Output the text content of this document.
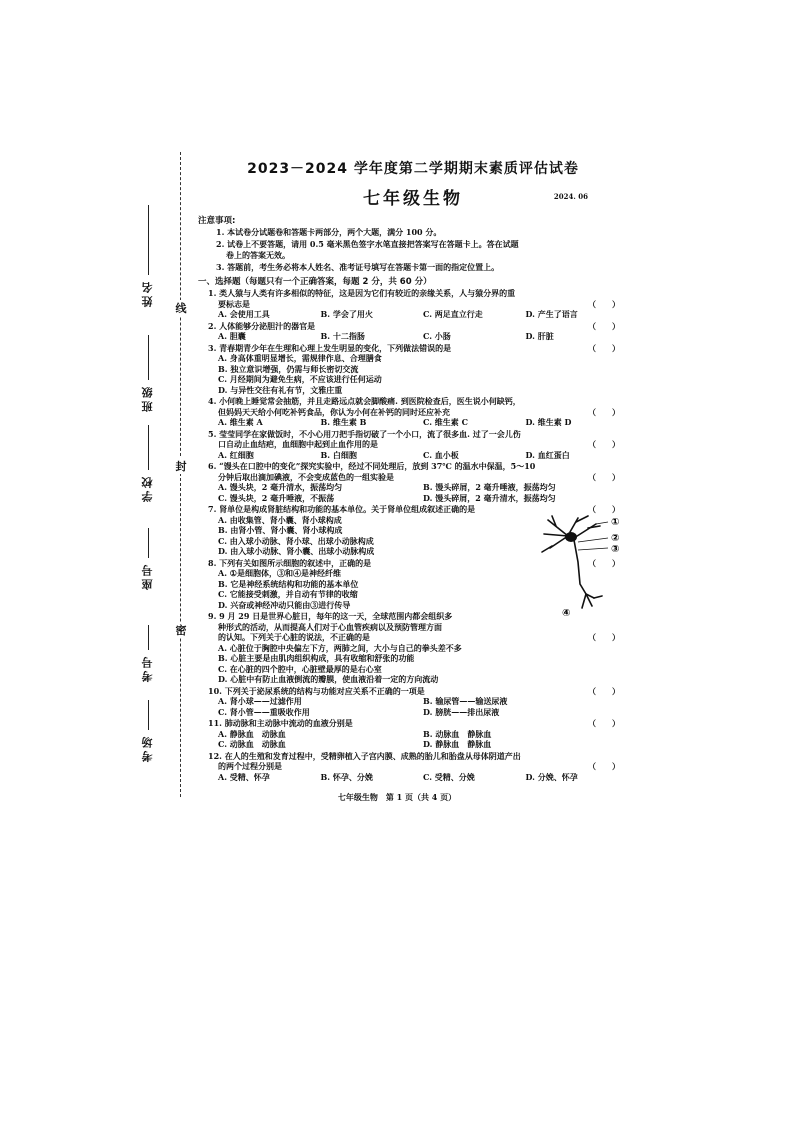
线
封
密
姓名
班级
学校
座号
考号
考场
2023－2024 学年度第二学期期末素质评估试卷
七年级生物	2024. 06
注意事项:
1. 本试卷分试题卷和答题卡两部分，两个大题，满分 100 分。
2. 试卷上不要答题，请用 0.5 毫米黑色签字水笔直接把答案写在答题卡上。答在试题
卷上的答案无效。
3. 答题前，考生务必将本人姓名、准考证号填写在答题卡第一面的指定位置上。
一、选择题（每题只有一个正确答案，每题 2 分，共 60 分）
1. 类人猿与人类有许多相似的特征，这是因为它们有较近的亲缘关系，人与猿分界的重
要标志是	（　　）
A. 会使用工具	B. 学会了用火	C. 两足直立行走	D. 产生了语言
2. 人体能够分泌胆汁的器官是	（　　）
A. 胆囊	B. 十二指肠	C. 小肠	D. 肝脏
3. 青春期青少年在生理和心理上发生明显的变化，下列做法错误的是	（　　）
A. 身高体重明显增长，需规律作息、合理膳食
B. 独立意识增强，仍需与师长密切交流
C. 月经期间为避免生病，不应该进行任何运动
D. 与异性交往有礼有节，文雅庄重
4. 小何晚上睡觉常会抽筋，并且走路远点就会脚酸痛. 到医院检查后，医生说小何缺钙，
但妈妈天天给小何吃补钙食品，你认为小何在补钙的同时还应补充	（　　）
A. 维生素 A	B. 维生素 B	C. 维生素 C	D. 维生素 D
5. 莹莹同学在家做饭时，不小心用刀把手指切破了一个小口，流了很多血. 过了一会儿伤
口自动止血结疤，血细胞中起到止血作用的是	（　　）
A. 红细胞	B. 白细胞	C. 血小板	D. 血红蛋白
6. “馒头在口腔中的变化”探究实验中，经过不同处理后，放到 37℃ 的温水中保温，5～10
分钟后取出滴加碘液，不会变成蓝色的一组实验是	（　　）
A. 馒头块，2 毫升清水，振荡均匀	B. 馒头碎屑，2 毫升唾液，振荡均匀
C. 馒头块，2 毫升唾液，不振荡	D. 馒头碎屑，2 毫升清水，振荡均匀
7. 肾单位是构成肾脏结构和功能的基本单位。关于肾单位组成叙述正确的是	（　　）
A. 由收集管、肾小囊、肾小球构成
B. 由肾小管、肾小囊、肾小球构成
C. 由入球小动脉、肾小球、出球小动脉构成
D. 由入球小动脉、肾小囊、出球小动脉构成
8. 下列有关如图所示细胞的叙述中，正确的是	（　　）
A. ①是细胞体，③和④是神经纤维
B. 它是神经系统结构和功能的基本单位
C. 它能接受刺激，并自动有节律的收缩
D. 兴奋或神经冲动只能由③进行传导
9. 9 月 29 日是世界心脏日，每年的这一天，全球范围内都会组织多
种形式的活动，从而提高人们对于心血管疾病以及预防管理方面
的认知。下列关于心脏的说法，不正确的是	（　　）
A. 心脏位于胸腔中央偏左下方，两肺之间，大小与自己的拳头差不多
B. 心脏主要是由肌肉组织构成，具有收缩和舒张的功能
C. 在心脏的四个腔中，心脏壁最厚的是右心室
D. 心脏中有防止血液倒流的瓣膜，使血液沿着一定的方向流动
10. 下列关于泌尿系统的结构与功能对应关系不正确的一项是	（　　）
A. 肾小球——过滤作用	B. 输尿管——输送尿液
C. 肾小管——重吸收作用	D. 膀胱——排出尿液
11. 肺动脉和主动脉中流动的血液分别是	（　　）
A. 静脉血　动脉血	B. 动脉血　静脉血
C. 动脉血　动脉血	D. 静脉血　静脉血
12. 在人的生殖和发育过程中，受精卵植入子宫内膜、成熟的胎儿和胎盘从母体阴道产出
的两个过程分别是	（　　）
A. 受精、怀孕	B. 怀孕、分娩	C. 受精、分娩	D. 分娩、怀孕
①
②
③
④
七年级生物　第 1 页（共 4 页）
